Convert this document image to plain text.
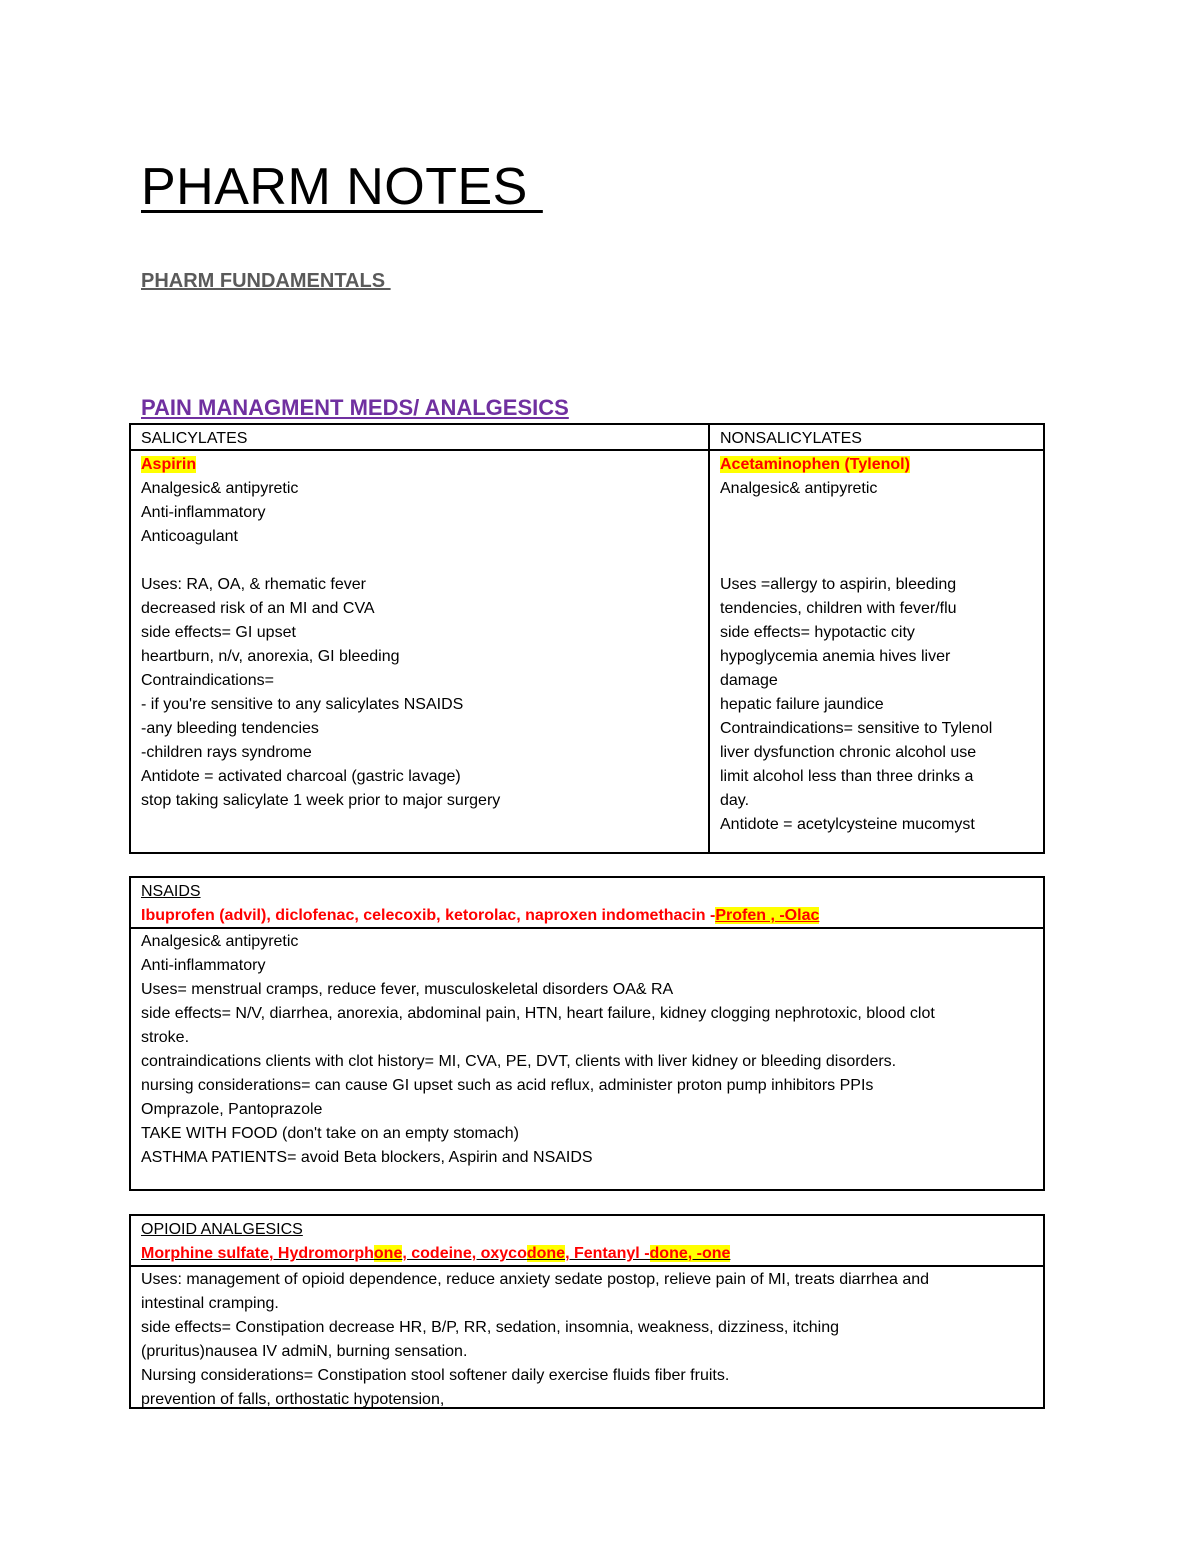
PHARM NOTES
PHARM FUNDAMENTALS
PAIN MANAGMENT MEDS/ ANALGESICS
SALICYLATES	NONSALICYLATES
Aspirin
Analgesic& antipyretic
Anti-inflammatory
Anticoagulant
Uses: RA, OA, & rhematic fever
decreased risk of an MI and CVA
side effects= GI upset
heartburn, n/v, anorexia, GI bleeding
Contraindications=
- if you're sensitive to any salicylates NSAIDS
-any bleeding tendencies
-children rays syndrome
Antidote = activated charcoal (gastric lavage)
stop taking salicylate 1 week prior to major surgery
Acetaminophen (Tylenol)
Analgesic& antipyretic
Uses =allergy to aspirin, bleeding
tendencies, children with fever/flu
side effects= hypotactic city
hypoglycemia anemia hives liver
damage
hepatic failure jaundice
Contraindications= sensitive to Tylenol
liver dysfunction chronic alcohol use
limit alcohol less than three drinks a
day.
Antidote = acetylcysteine mucomyst
NSAIDS
Ibuprofen (advil), diclofenac, celecoxib, ketorolac, naproxen indomethacin -Profen , -Olac
Analgesic& antipyretic
Anti-inflammatory
Uses= menstrual cramps, reduce fever, musculoskeletal disorders OA& RA
side effects= N/V, diarrhea, anorexia, abdominal pain, HTN, heart failure, kidney clogging nephrotoxic, blood clot
stroke.
contraindications clients with clot history= MI, CVA, PE, DVT, clients with liver kidney or bleeding disorders.
nursing considerations= can cause GI upset such as acid reflux, administer proton pump inhibitors PPIs
Omprazole, Pantoprazole
TAKE WITH FOOD (don't take on an empty stomach)
ASTHMA PATIENTS= avoid Beta blockers, Aspirin and NSAIDS
OPIOID ANALGESICS
Morphine sulfate, Hydromorphone, codeine, oxycodone, Fentanyl -done, -one
Uses: management of opioid dependence, reduce anxiety sedate postop, relieve pain of MI, treats diarrhea and
intestinal cramping.
side effects= Constipation decrease HR, B/P, RR, sedation, insomnia, weakness, dizziness, itching
(pruritus)nausea IV admiN, burning sensation.
Nursing considerations= Constipation stool softener daily exercise fluids fiber fruits.
prevention of falls, orthostatic hypotension,
